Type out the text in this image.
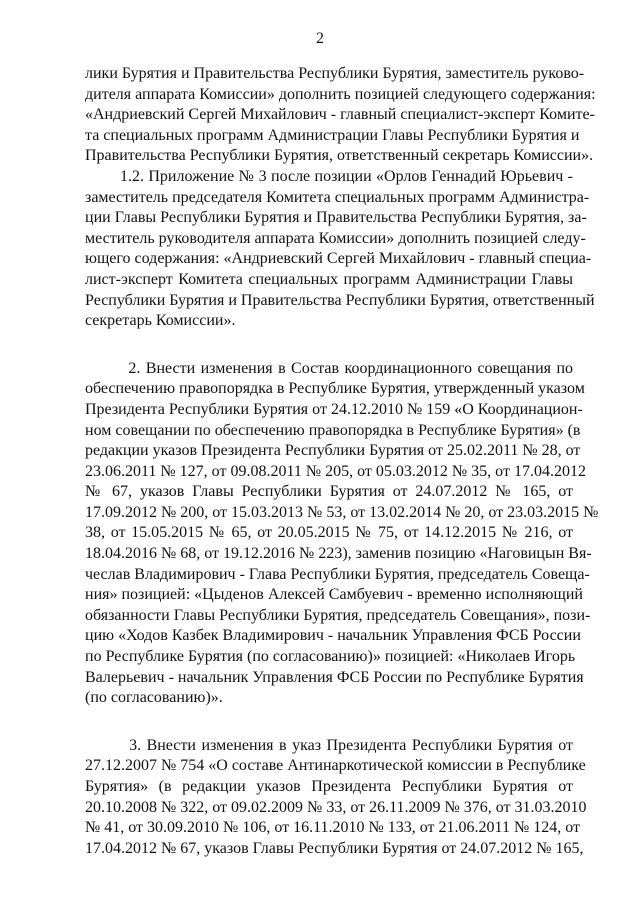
2
лики Бурятия и Правительства Республики Бурятия, заместитель руково-
дителя аппарата Комиссии» дополнить позицией следующего содержания:
«Андриевский Сергей Михайлович - главный специалист-эксперт Комите-
та специальных программ Администрации Главы Республики Бурятия и
Правительства Республики Бурятия, ответственный секретарь Комиссии».
1.2. Приложение № 3 после позиции «Орлов Геннадий Юрьевич -
заместитель председателя Комитета специальных программ Администра-
ции Главы Республики Бурятия и Правительства Республики Бурятия, за-
меститель руководителя аппарата Комиссии» дополнить позицией следу-
ющего содержания: «Андриевский Сергей Михайлович - главный специа-
лист-эксперт Комитета специальных программ Администрации Главы
Республики Бурятия и Правительства Республики Бурятия, ответственный
секретарь Комиссии».
2. Внести изменения в Состав координационного совещания по
обеспечению правопорядка в Республике Бурятия, утвержденный указом
Президента Республики Бурятия от 24.12.2010 № 159 «О Координацион-
ном совещании по обеспечению правопорядка в Республике Бурятия» (в
редакции указов Президента Республики Бурятия от 25.02.2011 № 28, от
23.06.2011 № 127, от 09.08.2011 № 205, от 05.03.2012 № 35, от 17.04.2012
№ 67, указов Главы Республики Бурятия от 24.07.2012 № 165, от
17.09.2012 № 200, от 15.03.2013 № 53, от 13.02.2014 № 20, от 23.03.2015 №
38, от 15.05.2015 № 65, от 20.05.2015 № 75, от 14.12.2015 № 216, от
18.04.2016 № 68, от 19.12.2016 № 223), заменив позицию «Наговицын Вя-
чеслав Владимирович - Глава Республики Бурятия, председатель Совеща-
ния» позицией: «Цыденов Алексей Самбуевич - временно исполняющий
обязанности Главы Республики Бурятия, председатель Совещания», пози-
цию «Ходов Казбек Владимирович - начальник Управления ФСБ России
по Республике Бурятия (по согласованию)» позицией: «Николаев Игорь
Валерьевич - начальник Управления ФСБ России по Республике Бурятия
(по согласованию)».
3. Внести изменения в указ Президента Республики Бурятия от
27.12.2007 № 754 «О составе Антинаркотической комиссии в Республике
Бурятия» (в редакции указов Президента Республики Бурятия от
20.10.2008 № 322, от 09.02.2009 № 33, от 26.11.2009 № 376, от 31.03.2010
№ 41, от 30.09.2010 № 106, от 16.11.2010 № 133, от 21.06.2011 № 124, от
17.04.2012 № 67, указов Главы Республики Бурятия от 24.07.2012 № 165,
